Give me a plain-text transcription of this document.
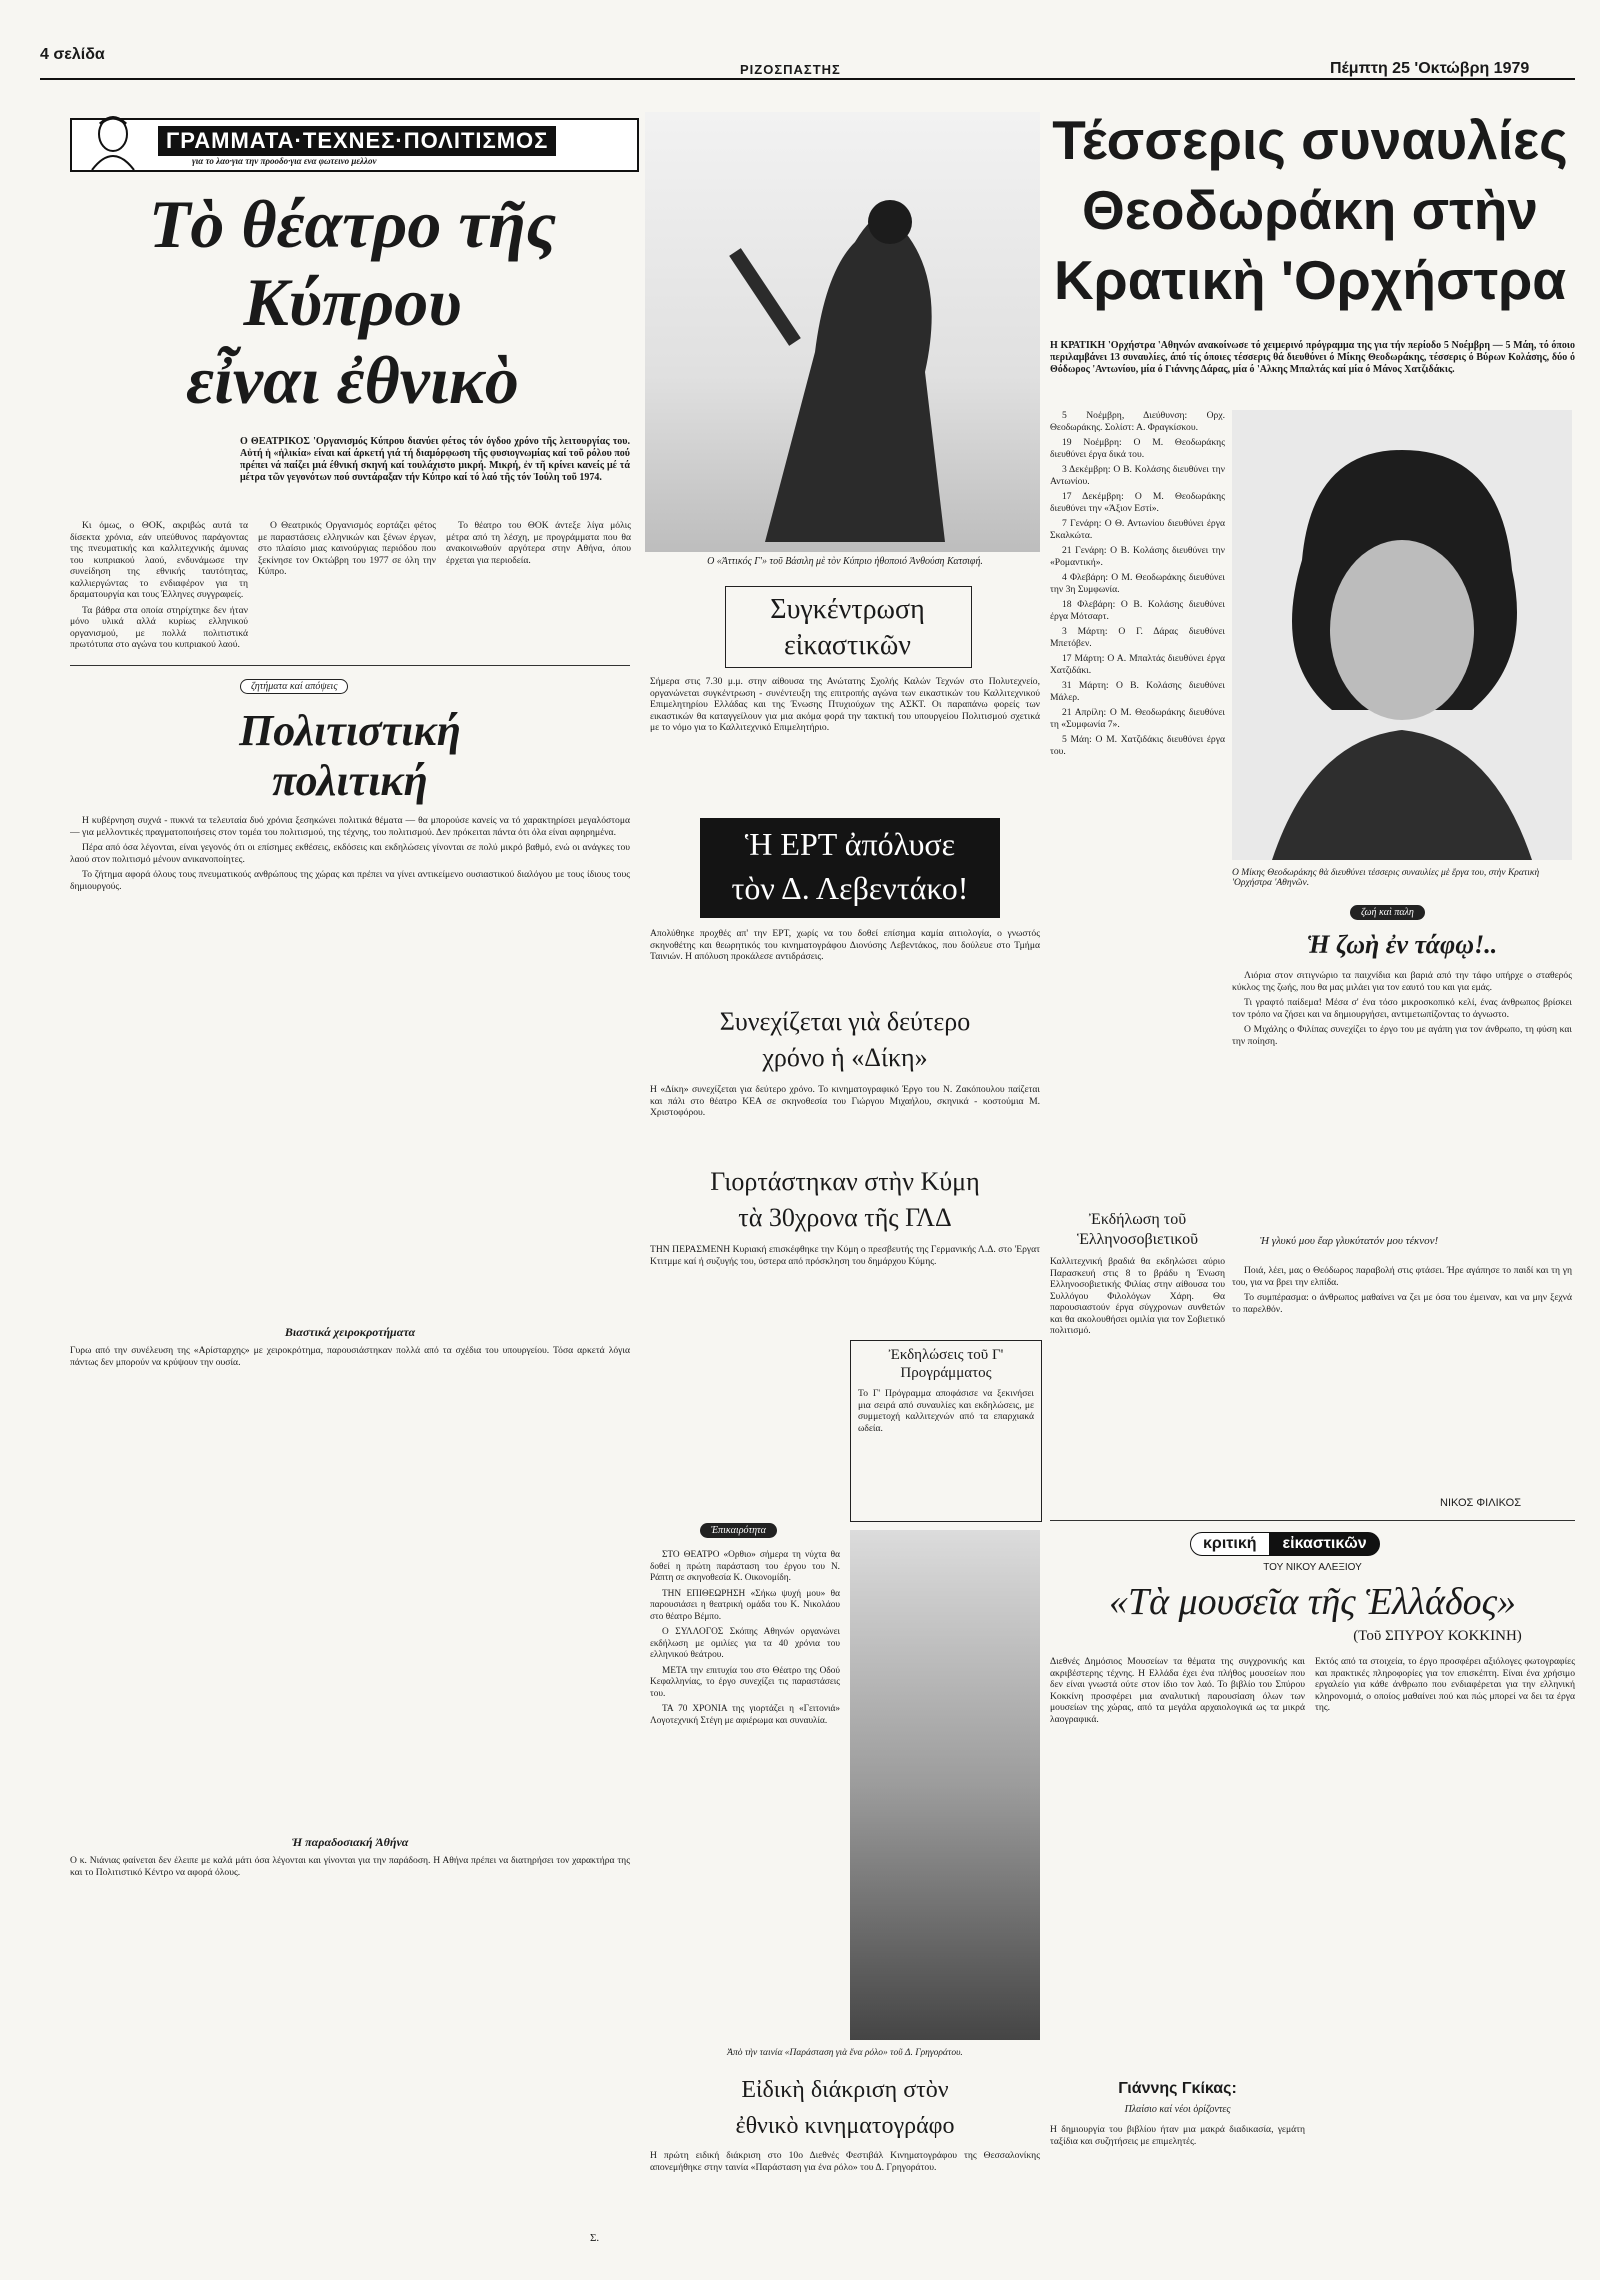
4 σελίδα
ΡΙΖΟΣΠΑΣΤΗΣ	Πέμπτη 25 'Οκτώβρη 1979
ΓΡΑΜΜΑΤΑ·ΤΕΧΝΕΣ·ΠΟΛΙΤΙΣΜΟΣ
για το λαο·για την προοδο·για ενα φωτεινο μελλον
Τὸ θέατρο τῆς
Κύπρου
εἶναι ἐθνικὸ
Ο ΘΕΑΤΡΙΚΟΣ 'Οργανισμός Κύπρου διανύει φέτος τόν όγδοο χρόνο τῆς λειτουργίας του. Αὐτή ἡ «ἡλικία» είναι καί άρκετή γιά τή διαμόρφωση τῆς φυσιογνωμίας καί τοῦ ρόλου πού πρέπει νά παίζει μιά έθνική σκηνή καί τουλάχιστο μικρή. Μικρή, ἐν τῆ κρίνει κανείς μέ τά μέτρα τῶν γεγονότων πού συντάραξαν τήν Κύπρο καί τό λαό τῆς τόν Ἰούλη τοῦ 1974.

Κι όμως, ο ΘΟΚ, ακριβώς αυτά τα δίσεκτα χρόνια, εάν υπεύθυνος παράγοντας της πνευματικής και καλλιτεχνικής άμυνας του κυπριακού λαού, ενδυνάμωσε την συνείδηση της εθνικής ταυτότητας, καλλιεργώντας το ενδιαφέρον για τη δραματουργία και τους Έλληνες συγγραφείς.

Τα βάθρα στα οποία στηρίχτηκε δεν ήταν μόνο υλικά αλλά κυρίως ελληνικού οργανισμού, με πολλά πολιτιστικά πρωτότυπα στο αγώνα του κυπριακού λαού.

Ο Θεατρικός Οργανισμός εορτάζει φέτος με παραστάσεις ελληνικών και ξένων έργων, στο πλαίσιο μιας καινούργιας περιόδου που ξεκίνησε τον Οκτώβρη του 1977 σε όλη την Κύπρο.

Το θέατρο του ΘΟΚ άντεξε λίγα μόλις μέτρα από τη λέσχη, με προγράμματα που θα ανακοινωθούν αργότερα στην Αθήνα, όπου έρχεται για περιοδεία.

ζητήματα καί απόψεις
Πολιτιστική
πολιτική

Η κυβέρνηση συχνά - πυκνά τα τελευταία δυό χρόνια ξεσηκώνει πολιτικά θέματα — θα μπορούσε κανείς να τό χαρακτηρίσει μεγαλόστομα — για μελλοντικές πραγματοποιήσεις στον τομέα του πολιτισμού, της τέχνης, του πολιτισμού. Δεν πρόκειται πάντα ότι όλα είναι αφηρημένα.

Πέρα από όσα λέγονται, είναι γεγονός ότι οι επίσημες εκθέσεις, εκδόσεις και εκδηλώσεις γίνονται σε πολύ μικρό βαθμό, ενώ οι ανάγκες του λαού στον πολιτισμό μένουν ανικανοποίητες.

Το ζήτημα αφορά όλους τους πνευματικούς ανθρώπους της χώρας και πρέπει να γίνει αντικείμενο ουσιαστικού διαλόγου με τους ίδιους τους δημιουργούς.

Βιαστικά χειροκροτήματα
Γυρω από την συνέλευση της «Αρίσταρχης» με χειροκρότημα, παρουσιάστηκαν πολλά από τα σχέδια του υπουργείου. Τόσα αρκετά λόγια πάντως δεν μπορούν να κρύψουν την ουσία.
Ἡ παραδοσιακή Ἀθήνα
Ο κ. Νιάνιας φαίνεται δεν έλειπε με καλά μάτι όσα λέγονται και γίνονται για την παράδοση. Η Αθήνα πρέπει να διατηρήσει τον χαρακτήρα της και το Πολιτιστικό Κέντρο να αφορά όλους.
Σ.
Ο «Ἀττικός Γ'» τοῦ Βάσιλη μὲ τὸν Κύπριο ἡθοποιό Ἀνθούση Κατσιφή.
Συγκέντρωση
εἰκαστικῶν
Σήμερα στις 7.30 μ.μ. στην αίθουσα της Ανώτατης Σχολής Καλών Τεχνών στο Πολυτεχνείο, οργανώνεται συγκέντρωση - συνέντευξη της επιτροπής αγώνα των εικαστικών του Καλλιτεχνικού Επιμελητηρίου Ελλάδας και της Ένωσης Πτυχιούχων της ΑΣΚΤ. Οι παραπάνω φορείς των εικαστικών θα καταγγείλουν για μια ακόμα φορά την τακτική του υπουργείου Πολιτισμού σχετικά με το νόμο για το Καλλιτεχνικό Επιμελητήριο.
Ἡ ΕΡΤ ἀπόλυσε
τὸν Δ. Λεβεντάκο!
Απολύθηκε προχθές απ' την ΕΡΤ, χωρίς να του δοθεί επίσημα καμία αιτιολογία, ο γνωστός σκηνοθέτης και θεωρητικός του κινηματογράφου Διονύσης Λεβεντάκος, που δούλευε στο Τμήμα Ταινιών. Η απόλυση προκάλεσε αντιδράσεις.
Συνεχίζεται γιὰ δεύτερο
χρόνο ἡ «Δίκη»
Η «Δίκη» συνεχίζεται για δεύτερο χρόνο. Το κινηματογραφικό Έργο του Ν. Ζακόπουλου παίζεται και πάλι στο θέατρο ΚΕΑ σε σκηνοθεσία του Γιώργου Μιχαήλου, σκηνικά - κοστούμια Μ. Χριστοφόρου.
Γιορτάστηκαν στὴν Κύμη
τὰ 30χρονα τῆς ΓΛΔ
ΤΗΝ ΠΕΡΑΣΜΕΝΗ Κυριακή επισκέφθηκε την Κύμη ο πρεσβευτής της Γερμανικής Λ.Δ. στο 'Εργατ Κτιτμμε καί ή συζυγής του, ύστερα από πρόσκληση του δημάρχου Κύμης.
Ἐκδηλώσεις τοῦ Γ' Προγράμματος
Το Γ' Πρόγραμμα αποφάσισε να ξεκινήσει μια σειρά από συναυλίες και εκδηλώσεις, με συμμετοχή καλλιτεχνών από τα επαρχιακά ωδεία.
Ἐπικαιρότητα

ΣΤΟ ΘΕΑΤΡΟ «Ορθιο» σήμερα τη νύχτα θα δοθεί η πρώτη παράσταση του έργου του Ν. Ράπτη σε σκηνοθεσία Κ. Οικονομίδη.

ΤΗΝ ΕΠΙΘΕΩΡΗΣΗ «Σήκω ψυχή μου» θα παρουσιάσει η θεατρική ομάδα του Κ. Νικολάου στο θέατρο Βέμπο.

Ο ΣΥΛΛΟΓΟΣ Σκόπης Αθηνών οργανώνει εκδήλωση με ομιλίες για τα 40 χρόνια του ελληνικού θεάτρου.

ΜΕΤΑ την επιτυχία του στο Θέατρο της Οδού Κεφαλληνίας, το έργο συνεχίζει τις παραστάσεις του.

ΤΑ 70 ΧΡΟΝΙΑ της γιορτάζει η «Γειτονιά» Λογοτεχνική Στέγη με αφιέρωμα και συναυλία.

Ἀπὸ τὴν ταινία «Παράσταση γιὰ ἕνα ρόλο» τοῦ Δ. Γρηγοράτου.
Εἰδικὴ διάκριση στὸν
ἐθνικὸ κινηματογράφο
Η πρώτη ειδική διάκριση στο 10ο Διεθνές Φεστιβάλ Κινηματογράφου της Θεσσαλονίκης απονεμήθηκε στην ταινία «Παράσταση για ένα ρόλο» του Δ. Γρηγοράτου.
Τέσσερις συναυλίες
Θεοδωράκη στὴν
Κρατικὴ 'Ορχήστρα
Η ΚΡΑΤΙΚΗ 'Ορχήστρα 'Αθηνών ανακοίνωσε τό χειμερινό πρόγραμμα της για τήν περίοδο 5 Νοέμβρη — 5 Μάη, τό όποιο περιλαμβάνει 13 συναυλίες, άπό τίς όποιες τέσσερις θά διευθύνει ό Μίκης Θεοδωράκης, τέσσερις ό Βύρων Κολάσης, δύο ό Θόδωρος 'Αντωνίου, μία ό Γιάννης Δάρας, μία ό 'Αλκης Μπαλτάς καί μία ό Μάνος Χατζιδάκις.

5 Νοέμβρη, Διεύθυνση: Ορχ. Θεοδωράκης. Σολίστ: Α. Φραγκίσκου.

19 Νοέμβρη: Ο Μ. Θεοδωράκης διευθύνει έργα δικά του.

3 Δεκέμβρη: Ο Β. Κολάσης διευθύνει την Αντωνίου.

17 Δεκέμβρη: Ο Μ. Θεοδωράκης διευθύνει την «Άξιον Εστί».

7 Γενάρη: Ο Θ. Αντωνίου διευθύνει έργα Σκαλκώτα.

21 Γενάρη: Ο Β. Κολάσης διευθύνει την «Ρομαντική».

4 Φλεβάρη: Ο Μ. Θεοδωράκης διευθύνει την 3η Συμφωνία.

18 Φλεβάρη: Ο Β. Κολάσης διευθύνει έργα Μότσαρτ.

3 Μάρτη: Ο Γ. Δάρας διευθύνει Μπετόβεν.

17 Μάρτη: Ο Α. Μπαλτάς διευθύνει έργα Χατζιδάκι.

31 Μάρτη: Ο Β. Κολάσης διευθύνει Μάλερ.

21 Απρίλη: Ο Μ. Θεοδωράκης διευθύνει τη «Συμφωνία 7».

5 Μάη: Ο Μ. Χατζιδάκις διευθύνει έργα του.

Ο Μίκης Θεοδωράκης θὰ διευθύνει τέσσερις συναυλίες μὲ ἔργα του, στὴν Κρατικὴ 'Ορχήστρα 'Αθηνῶν.
ζωή καὶ παλη
Ἡ ζωὴ ἐν τάφῳ!..

Λιόρια στον σιτιγνώριο τα παιχνίδια και βαριά από την τάφο υπήρχε ο σταθερός κύκλος της ζωής, που θα μας μιλάει για τον εαυτό του και για εμάς.

Τι γραφτό παίδεμα! Μέσα σ' ένα τόσο μικροσκοπικό κελί, ένας άνθρωπος βρίσκει τον τρόπο να ζήσει και να δημιουργήσει, αντιμετωπίζοντας το άγνωστο.

Ο Μιχάλης ο Φιλίπας συνεχίζει το έργο του με αγάπη για τον άνθρωπο, τη φύση και την ποίηση.

Ἡ γλυκύ μου ἔαρ γλυκύτατόν μου τέκνον!

Ποιά, λέει, μας ο Θεόδωρος παραβολή στις φτάσει. Ήρε αγάπησε το παιδί και τη γη του, για να βρει την ελπίδα.

Το συμπέρασμα: ο άνθρωπος μαθαίνει να ζει με όσα του έμειναν, και να μην ξεχνά το παρελθόν.

ΝΙΚΟΣ ΦΙΛΙΚΟΣ
Ἐκδήλωση τοῦ
Ἑλληνοσοβιετικοῦ
Καλλιτεχνική βραδιά θα εκδηλώσει αύριο Παρασκευή στις 8 το βράδυ η Ένωση Ελληνοσοβιετικής Φιλίας στην αίθουσα του Συλλόγου Φιλολόγων Χάρη. Θα παρουσιαστούν έργα σύγχρονων συνθετών και θα ακολουθήσει ομιλία για τον Σοβιετικό πολιτισμό.
κριτική	εἰκαστικῶν
ΤΟΥ ΝΙΚΟΥ ΑΛΕΞΙΟΥ
«Τὰ μουσεῖα τῆς Ἑλλάδος»
(Τοῦ ΣΠΥΡΟΥ ΚΟΚΚΙΝΗ)
Διεθνές Δημόσιος Μουσείων τα θέματα της συγχρονικής και ακριβέστερης τέχνης. Η Ελλάδα έχει ένα πλήθος μουσείων που δεν είναι γνωστά ούτε στον ίδιο τον λαό. Το βιβλίο του Σπύρου Κοκκίνη προσφέρει μια αναλυτική παρουσίαση όλων των μουσείων της χώρας, από τα μεγάλα αρχαιολογικά ως τα μικρά λαογραφικά.
Εκτός από τα στοιχεία, το έργο προσφέρει αξιόλογες φωτογραφίες και πρακτικές πληροφορίες για τον επισκέπτη. Είναι ένα χρήσιμο εργαλείο για κάθε άνθρωπο που ενδιαφέρεται για την ελληνική κληρονομιά, ο οποίος μαθαίνει πού και πώς μπορεί να δει τα έργα της.
Γιάννης Γκίκας:
Πλαίσιο καί νέοι ὁρίζοντες
Η δημιουργία του βιβλίου ήταν μια μακρά διαδικασία, γεμάτη ταξίδια και συζητήσεις με επιμελητές.
